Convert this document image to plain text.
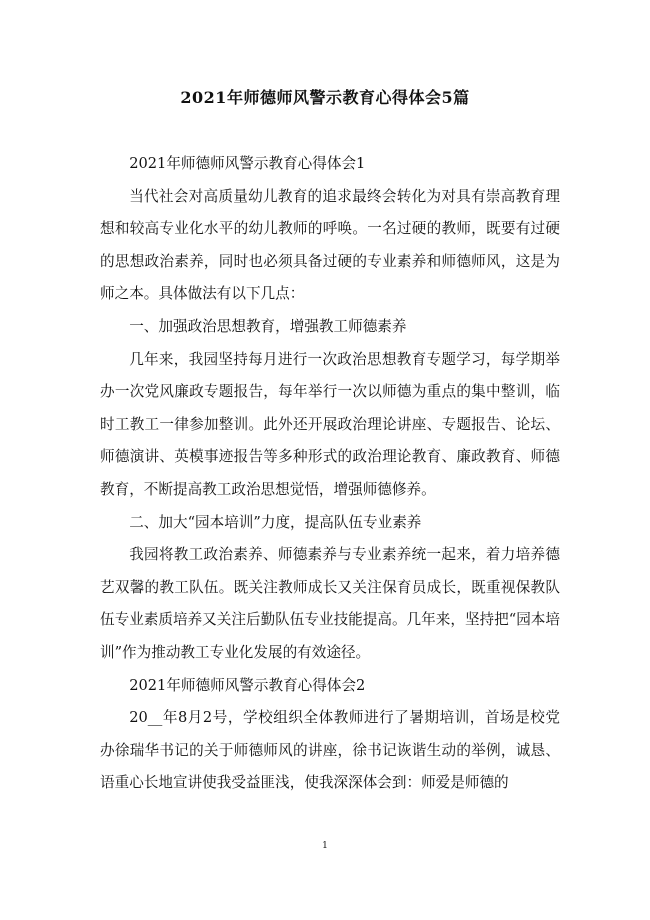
2021年师德师风警示教育心得体会5篇

2021年师德师风警示教育心得体会1

当代社会对高质量幼儿教育的追求最终会转化为对具有崇高教育理想和较高专业化水平的幼儿教师的呼唤。一名过硬的教师，既要有过硬的思想政治素养，同时也必须具备过硬的专业素养和师德师风，这是为师之本。具体做法有以下几点：

一、加强政治思想教育，增强教工师德素养

几年来，我园坚持每月进行一次政治思想教育专题学习，每学期举办一次党风廉政专题报告，每年举行一次以师德为重点的集中整训，临时工教工一律参加整训。此外还开展政治理论讲座、专题报告、论坛、师德演讲、英模事迹报告等多种形式的政治理论教育、廉政教育、师德教育，不断提高教工政治思想觉悟，增强师德修养。

二、加大“园本培训”力度，提高队伍专业素养

我园将教工政治素养、师德素养与专业素养统一起来，着力培养德艺双馨的教工队伍。既关注教师成长又关注保育员成长，既重视保教队伍专业素质培养又关注后勤队伍专业技能提高。几年来，坚持把“园本培训”作为推动教工专业化发展的有效途径。

2021年师德师风警示教育心得体会2

20__年8月2号，学校组织全体教师进行了暑期培训，首场是校党办徐瑞华书记的关于师德师风的讲座，徐书记诙谐生动的举例，诚恳、语重心长地宣讲使我受益匪浅，使我深深体会到：师爱是师德的

1
